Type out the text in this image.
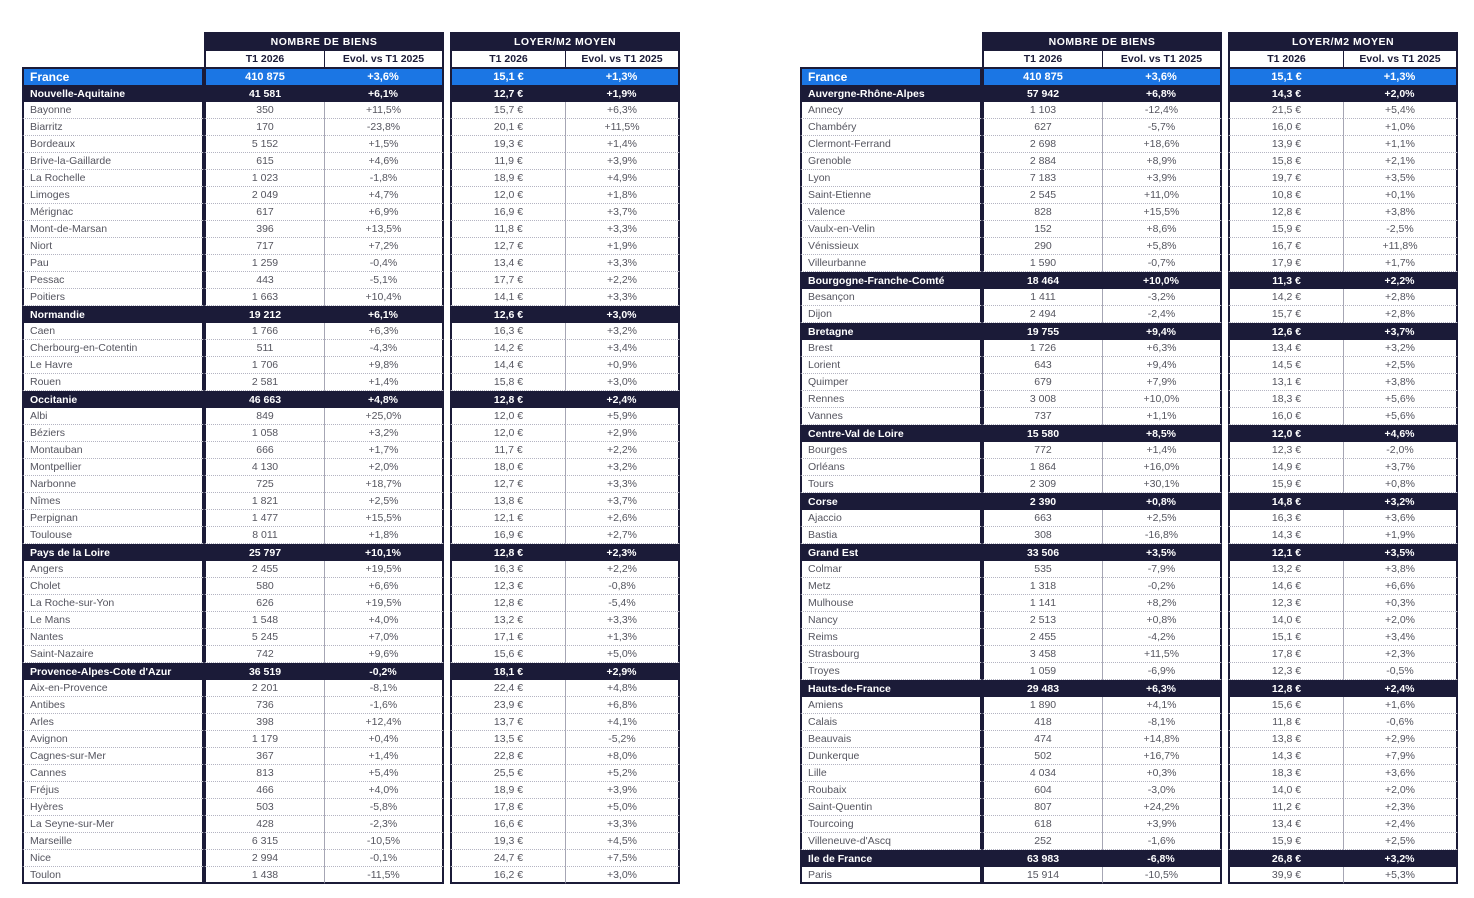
NOMBRE DE BIENS	LOYER/M2 MOYEN
T1 2026	Evol. vs T1 2025	T1 2026	Evol. vs T1 2025
France	410 875	+3,6%	15,1 €	+1,3%
Nouvelle-Aquitaine	41 581	+6,1%	12,7 €	+1,9%
Bayonne	350	+11,5%	15,7 €	+6,3%
Biarritz	170	-23,8%	20,1 €	+11,5%
Bordeaux	5 152	+1,5%	19,3 €	+1,4%
Brive-la-Gaillarde	615	+4,6%	11,9 €	+3,9%
La Rochelle	1 023	-1,8%	18,9 €	+4,9%
Limoges	2 049	+4,7%	12,0 €	+1,8%
Mérignac	617	+6,9%	16,9 €	+3,7%
Mont-de-Marsan	396	+13,5%	11,8 €	+3,3%
Niort	717	+7,2%	12,7 €	+1,9%
Pau	1 259	-0,4%	13,4 €	+3,3%
Pessac	443	-5,1%	17,7 €	+2,2%
Poitiers	1 663	+10,4%	14,1 €	+3,3%
Normandie	19 212	+6,1%	12,6 €	+3,0%
Caen	1 766	+6,3%	16,3 €	+3,2%
Cherbourg-en-Cotentin	511	-4,3%	14,2 €	+3,4%
Le Havre	1 706	+9,8%	14,4 €	+0,9%
Rouen	2 581	+1,4%	15,8 €	+3,0%
Occitanie	46 663	+4,8%	12,8 €	+2,4%
Albi	849	+25,0%	12,0 €	+5,9%
Béziers	1 058	+3,2%	12,0 €	+2,9%
Montauban	666	+1,7%	11,7 €	+2,2%
Montpellier	4 130	+2,0%	18,0 €	+3,2%
Narbonne	725	+18,7%	12,7 €	+3,3%
Nîmes	1 821	+2,5%	13,8 €	+3,7%
Perpignan	1 477	+15,5%	12,1 €	+2,6%
Toulouse	8 011	+1,8%	16,9 €	+2,7%
Pays de la Loire	25 797	+10,1%	12,8 €	+2,3%
Angers	2 455	+19,5%	16,3 €	+2,2%
Cholet	580	+6,6%	12,3 €	-0,8%
La Roche-sur-Yon	626	+19,5%	12,8 €	-5,4%
Le Mans	1 548	+4,0%	13,2 €	+3,3%
Nantes	5 245	+7,0%	17,1 €	+1,3%
Saint-Nazaire	742	+9,6%	15,6 €	+5,0%
Provence-Alpes-Cote d'Azur	36 519	-0,2%	18,1 €	+2,9%
Aix-en-Provence	2 201	-8,1%	22,4 €	+4,8%
Antibes	736	-1,6%	23,9 €	+6,8%
Arles	398	+12,4%	13,7 €	+4,1%
Avignon	1 179	+0,4%	13,5 €	-5,2%
Cagnes-sur-Mer	367	+1,4%	22,8 €	+8,0%
Cannes	813	+5,4%	25,5 €	+5,2%
Fréjus	466	+4,0%	18,9 €	+3,9%
Hyères	503	-5,8%	17,8 €	+5,0%
La Seyne-sur-Mer	428	-2,3%	16,6 €	+3,3%
Marseille	6 315	-10,5%	19,3 €	+4,5%
Nice	2 994	-0,1%	24,7 €	+7,5%
Toulon	1 438	-11,5%	16,2 €	+3,0%
NOMBRE DE BIENS	LOYER/M2 MOYEN
T1 2026	Evol. vs T1 2025	T1 2026	Evol. vs T1 2025
France	410 875	+3,6%	15,1 €	+1,3%
Auvergne-Rhône-Alpes	57 942	+6,8%	14,3 €	+2,0%
Annecy	1 103	-12,4%	21,5 €	+5,4%
Chambéry	627	-5,7%	16,0 €	+1,0%
Clermont-Ferrand	2 698	+18,6%	13,9 €	+1,1%
Grenoble	2 884	+8,9%	15,8 €	+2,1%
Lyon	7 183	+3,9%	19,7 €	+3,5%
Saint-Etienne	2 545	+11,0%	10,8 €	+0,1%
Valence	828	+15,5%	12,8 €	+3,8%
Vaulx-en-Velin	152	+8,6%	15,9 €	-2,5%
Vénissieux	290	+5,8%	16,7 €	+11,8%
Villeurbanne	1 590	-0,7%	17,9 €	+1,7%
Bourgogne-Franche-Comté	18 464	+10,0%	11,3 €	+2,2%
Besançon	1 411	-3,2%	14,2 €	+2,8%
Dijon	2 494	-2,4%	15,7 €	+2,8%
Bretagne	19 755	+9,4%	12,6 €	+3,7%
Brest	1 726	+6,3%	13,4 €	+3,2%
Lorient	643	+9,4%	14,5 €	+2,5%
Quimper	679	+7,9%	13,1 €	+3,8%
Rennes	3 008	+10,0%	18,3 €	+5,6%
Vannes	737	+1,1%	16,0 €	+5,6%
Centre-Val de Loire	15 580	+8,5%	12,0 €	+4,6%
Bourges	772	+1,4%	12,3 €	-2,0%
Orléans	1 864	+16,0%	14,9 €	+3,7%
Tours	2 309	+30,1%	15,9 €	+0,8%
Corse	2 390	+0,8%	14,8 €	+3,2%
Ajaccio	663	+2,5%	16,3 €	+3,6%
Bastia	308	-16,8%	14,3 €	+1,9%
Grand Est	33 506	+3,5%	12,1 €	+3,5%
Colmar	535	-7,9%	13,2 €	+3,8%
Metz	1 318	-0,2%	14,6 €	+6,6%
Mulhouse	1 141	+8,2%	12,3 €	+0,3%
Nancy	2 513	+0,8%	14,0 €	+2,0%
Reims	2 455	-4,2%	15,1 €	+3,4%
Strasbourg	3 458	+11,5%	17,8 €	+2,3%
Troyes	1 059	-6,9%	12,3 €	-0,5%
Hauts-de-France	29 483	+6,3%	12,8 €	+2,4%
Amiens	1 890	+4,1%	15,6 €	+1,6%
Calais	418	-8,1%	11,8 €	-0,6%
Beauvais	474	+14,8%	13,8 €	+2,9%
Dunkerque	502	+16,7%	14,3 €	+7,9%
Lille	4 034	+0,3%	18,3 €	+3,6%
Roubaix	604	-3,0%	14,0 €	+2,0%
Saint-Quentin	807	+24,2%	11,2 €	+2,3%
Tourcoing	618	+3,9%	13,4 €	+2,4%
Villeneuve-d'Ascq	252	-1,6%	15,9 €	+2,5%
Ile de France	63 983	-6,8%	26,8 €	+3,2%
Paris	15 914	-10,5%	39,9 €	+5,3%
